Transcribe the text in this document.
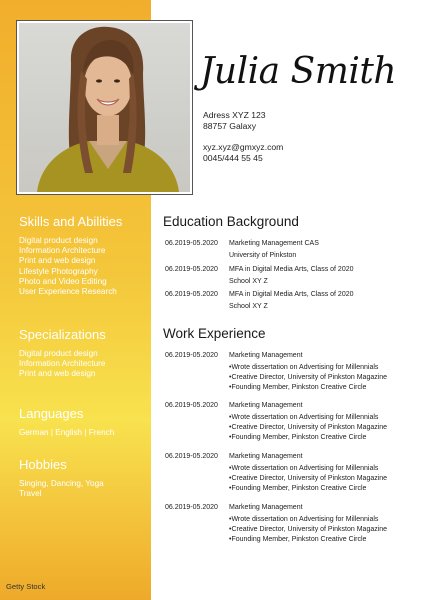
Julia Smith
Adress XYZ 123
88757 Galaxy
xyz.xyz@gmxyz.com
0045/444 55 45
Skills and Abilities
Digital product design
Information Architecture
Print and web design
Lifestyle Photography
Photo and Video Editing
User Experience Research
Specializations
Digital product design
Information Architecture
Print and web design
Languages
German | English | French
Hobbies
Singing, Dancing, Yoga
Travel
Education Background
06.2019-05.2020	Marketing Management CAS
University of Pinkston
06.2019-05.2020	MFA in Digital Media Arts, Class of 2020
School XY Z
06.2019-05.2020	MFA in Digital Media Arts, Class of 2020
School XY Z
Work Experience
06.2019-05.2020	Marketing Management
•Wrote dissertation on Advertising for Millennials
•Creative Director, University of Pinkston Magazine
•Founding Member, Pinkston Creative Circle
06.2019-05.2020	Marketing Management
•Wrote dissertation on Advertising for Millennials
•Creative Director, University of Pinkston Magazine
•Founding Member, Pinkston Creative Circle
06.2019-05.2020	Marketing Management
•Wrote dissertation on Advertising for Millennials
•Creative Director, University of Pinkston Magazine
•Founding Member, Pinkston Creative Circle
06.2019-05.2020	Marketing Management
•Wrote dissertation on Advertising for Millennials
•Creative Director, University of Pinkston Magazine
•Founding Member, Pinkston Creative Circle
Getty Stock
